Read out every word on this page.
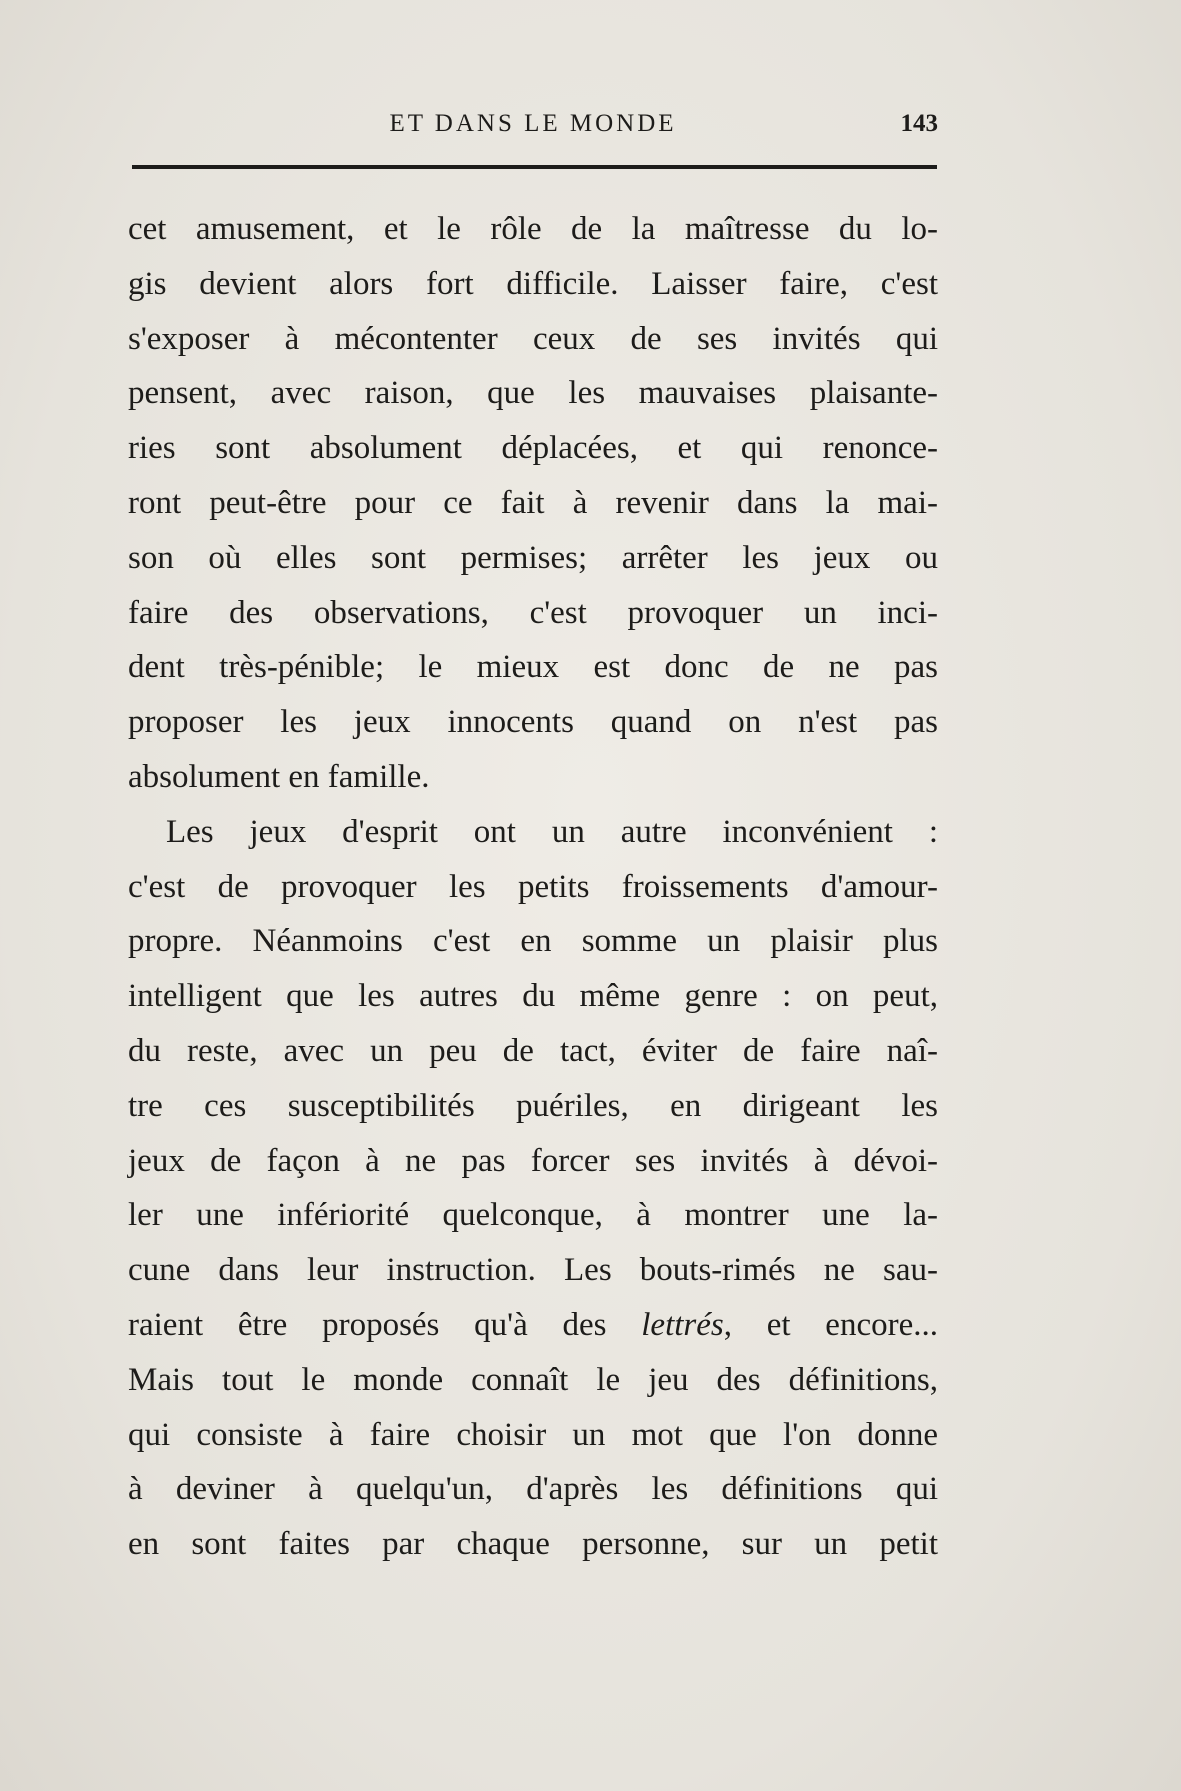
ET DANS LE MONDE	143
cet amusement, et le rôle de la maîtresse du lo-
gis devient alors fort difficile. Laisser faire, c'est
s'exposer à mécontenter ceux de ses invités qui
pensent, avec raison, que les mauvaises plaisante-
ries sont absolument déplacées, et qui renonce-
ront peut-être pour ce fait à revenir dans la mai-
son où elles sont permises; arrêter les jeux ou
faire des observations, c'est provoquer un inci-
dent très-pénible; le mieux est donc de ne pas
proposer les jeux innocents quand on n'est pas
absolument en famille.
Les jeux d'esprit ont un autre inconvénient :
c'est de provoquer les petits froissements d'amour-
propre. Néanmoins c'est en somme un plaisir plus
intelligent que les autres du même genre : on peut,
du reste, avec un peu de tact, éviter de faire naî-
tre ces susceptibilités puériles, en dirigeant les
jeux de façon à ne pas forcer ses invités à dévoi-
ler une infériorité quelconque, à montrer une la-
cune dans leur instruction. Les bouts-rimés ne sau-
raient être proposés qu'à des lettrés, et encore...
Mais tout le monde connaît le jeu des définitions,
qui consiste à faire choisir un mot que l'on donne
à deviner à quelqu'un, d'après les définitions qui
en sont faites par chaque personne, sur un petit
